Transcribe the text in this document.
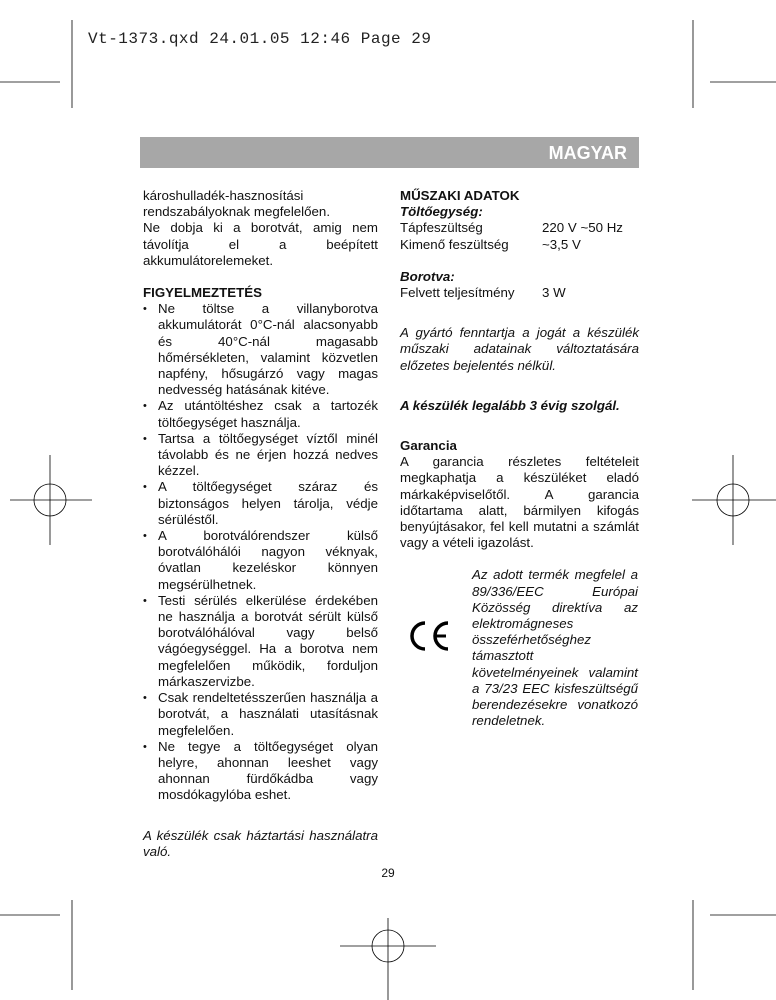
Vt-1373.qxd 24.01.05 12:46 Page 29
MAGYAR

károshulladék-hasznosítási rendszabályoknak megfelelően.

Ne dobja ki a borotvát, amig nem távolítja el a beépített akkumulátorelemeket.

FIGYELMEZTETÉS

• Ne töltse a villanyborotva akkumulátorát 0°C-nál alacsonyabb és 40°C-nál magasabb hőmérsékleten, valamint közvetlen napfény, hősugárzó vagy magas nedvesség hatásának kitéve.
• Az utántöltéshez csak a tartozék töltőegységet használja.
• Tartsa a töltőegységet víztől minél távolabb és ne érjen hozzá nedves kézzel.
• A töltőegységet száraz és biztonságos helyen tárolja, védje sérüléstől.
• A borotválórendszer külső borotválóhálói nagyon véknyak, óvatlan kezeléskor könnyen megsérülhetnek.
• Testi sérülés elkerülése érdekében ne használja a borotvát sérült külső borotválóhálóval vagy belső vágóegységgel. Ha a borotva nem megfelelően működik, forduljon márkaszervizbe.
• Csak rendeltetésszerűen használja a borotvát, a használati utasításnak megfelelően.
• Ne tegye a töltőegységet olyan helyre, ahonnan leeshet vagy ahonnan fürdőkádba vagy mosdókagylóba eshet.

A készülék csak háztartási használatra való.

MŰSZAKI ADATOK

Töltőegység:

Tápfeszültség	220 V ~50 Hz
Kimenő feszültség	~3,5 V

Borotva:

Felvett teljesítmény	3 W

A gyártó fenntartja a jogát a készülék műszaki adatainak változtatására előzetes bejelentés nélkül.

A készülék legalább 3 évig szolgál.

Garancia

A garancia részletes feltételeit megkaphatja a készüléket eladó márkaképviselőtől. A garancia időtartama alatt, bármilyen kifogás benyújtásakor, fel kell mutatni a számlát vagy a vételi igazolást.

Az adott termék megfelel a 89/336/EEC Európai Közösség direktíva az elektromágneses összeférhetőséghez támasztott követelményeinek valamint a 73/23 EEC kisfeszültségű berendezésekre vonatkozó rendeletnek.

29
